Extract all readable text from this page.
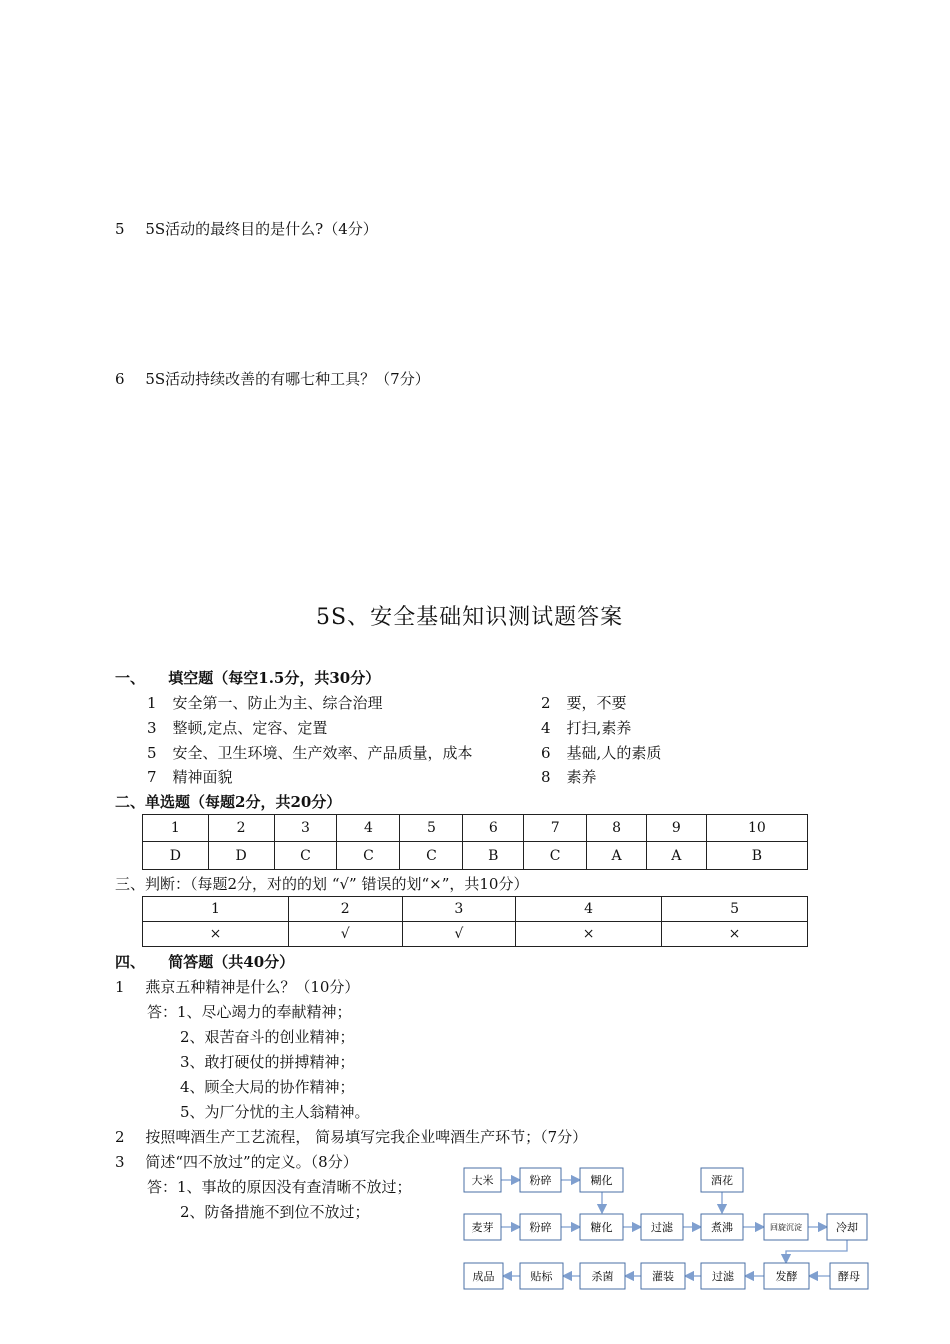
5 5S活动的最终目的是什么?（4分）
6 5S活动持续改善的有哪七种工具？（7分）
5S、安全基础知识测试题答案
一、 填空题（每空1.5分，共30分）
1 安全第一、防止为主、综合治理	2 要，不要
3 整顿,定点、定容、定置	4 打扫,素养
5 安全、卫生环境、生产效率、产品质量，成本	6 基础,人的素质
7 精神面貌	8 素养
二、单选题（每题2分，共20分）
1	2	3	4	5	6	7	8	9	10
D	D	C	C	C	B	C	A	A	B
三、判断：（每题2分，对的的划 “√” 错误的划“×”，共10分）
1	2	3	4	5
×	√	√	×	×
四、 简答题（共40分）
1 燕京五种精神是什么？（10分）
答：1、尽心竭力的奉献精神；
2、艰苦奋斗的创业精神；
3、敢打硬仗的拼搏精神；
4、顾全大局的协作精神；
5、为厂分忧的主人翁精神。
2 按照啤酒生产工艺流程， 简易填写完我企业啤酒生产环节；（7分）
3 简述“四不放过”的定义。（8分）
答：1、事故的原因没有查清晰不放过；
2、防备措施不到位不放过；
大米	粉碎	糊化	酒花
麦芽	粉碎	糖化	过滤	煮沸	回旋沉淀	冷却
成品	贴标	杀菌	灌装	过滤	发酵	酵母
